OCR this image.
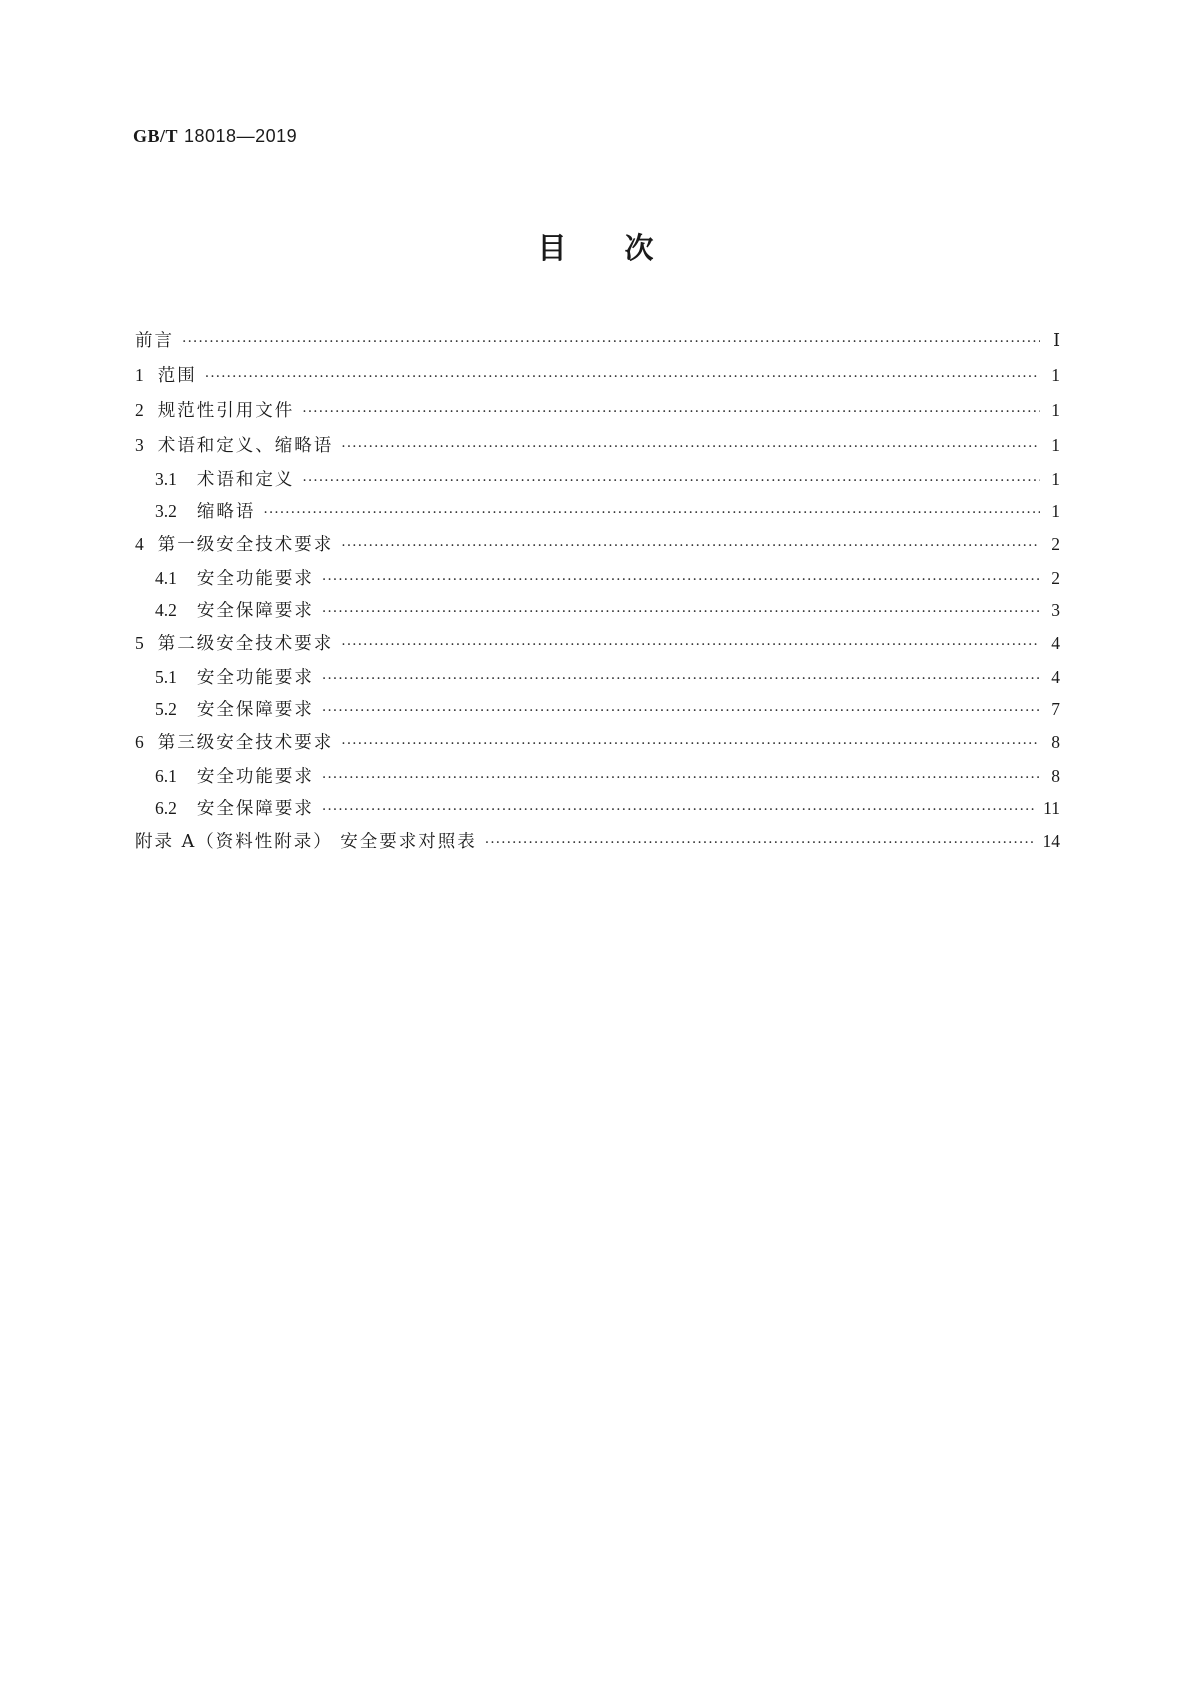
GB/T 18018—2019
目次
前言 ·····	Ⅰ
1 范围 ·····	1
2 规范性引用文件 ·····	1
3 术语和定义、缩略语 ·····	1
3.1 术语和定义 ·····	1
3.2 缩略语 ·····	1
4 第一级安全技术要求 ·····	2
4.1 安全功能要求 ·····	2
4.2 安全保障要求 ·····	3
5 第二级安全技术要求 ·····	4
5.1 安全功能要求 ·····	4
5.2 安全保障要求 ·····	7
6 第三级安全技术要求 ·····	8
6.1 安全功能要求 ·····	8
6.2 安全保障要求 ·····	11
附录 A（资料性附录） 安全要求对照表 ·····	14
